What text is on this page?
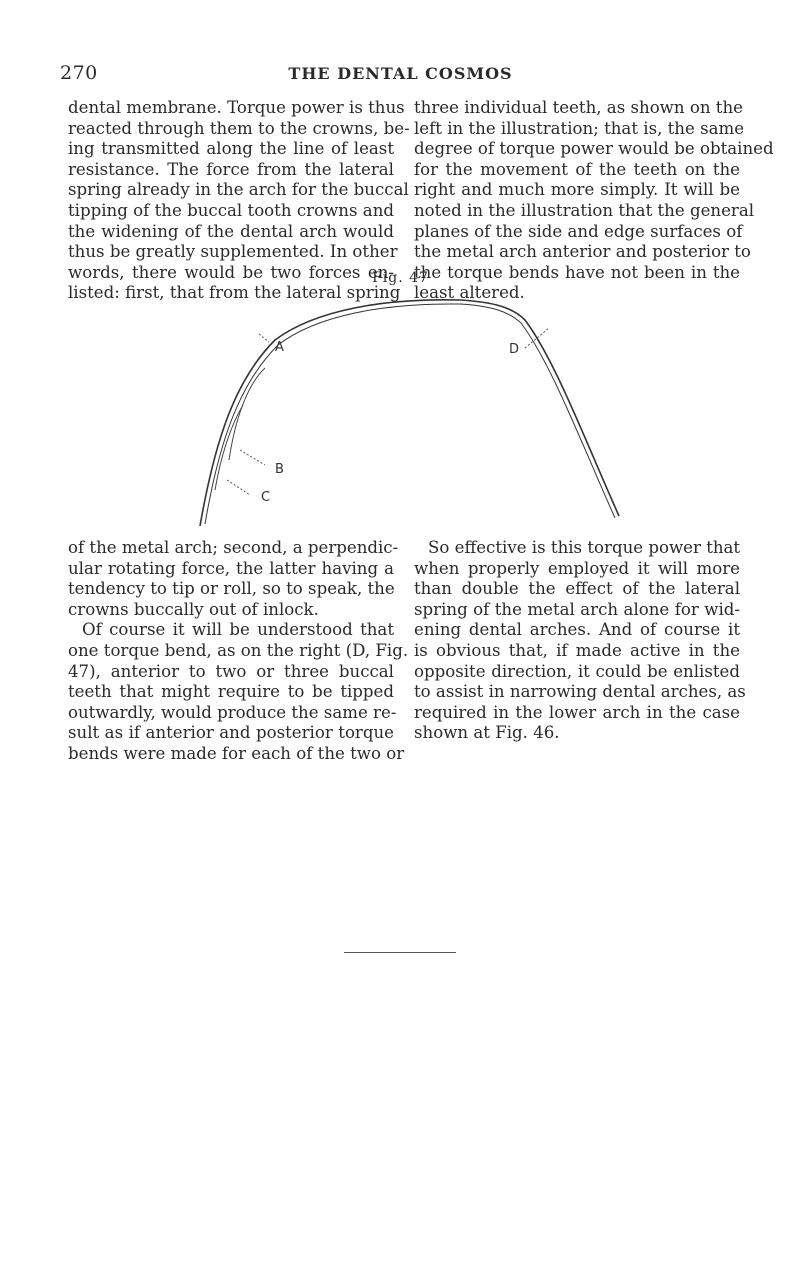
270	THE DENTAL COSMOS
dental membrane. Torque power is thus
reacted through them to the crowns, be-
ing transmitted along the line of least
resistance. The force from the lateral
spring already in the arch for the buccal
tipping of the buccal tooth crowns and
the widening of the dental arch would
thus be greatly supplemented. In other
words, there would be two forces en-
listed: first, that from the lateral spring
three individual teeth, as shown on the
left in the illustration; that is, the same
degree of torque power would be obtained
for the movement of the teeth on the
right and much more simply. It will be
noted in the illustration that the general
planes of the side and edge surfaces of
the metal arch anterior and posterior to
the torque bends have not been in the
least altered.
Fig. 47
A
B
C
D
of the metal arch; second, a perpendic-
ular rotating force, the latter having a
tendency to tip or roll, so to speak, the
crowns buccally out of inlock.
Of course it will be understood that
one torque bend, as on the right (D, Fig.
47), anterior to two or three buccal
teeth that might require to be tipped
outwardly, would produce the same re-
sult as if anterior and posterior torque
bends were made for each of the two or
So effective is this torque power that
when properly employed it will more
than double the effect of the lateral
spring of the metal arch alone for wid-
ening dental arches. And of course it
is obvious that, if made active in the
opposite direction, it could be enlisted
to assist in narrowing dental arches, as
required in the lower arch in the case
shown at Fig. 46.
